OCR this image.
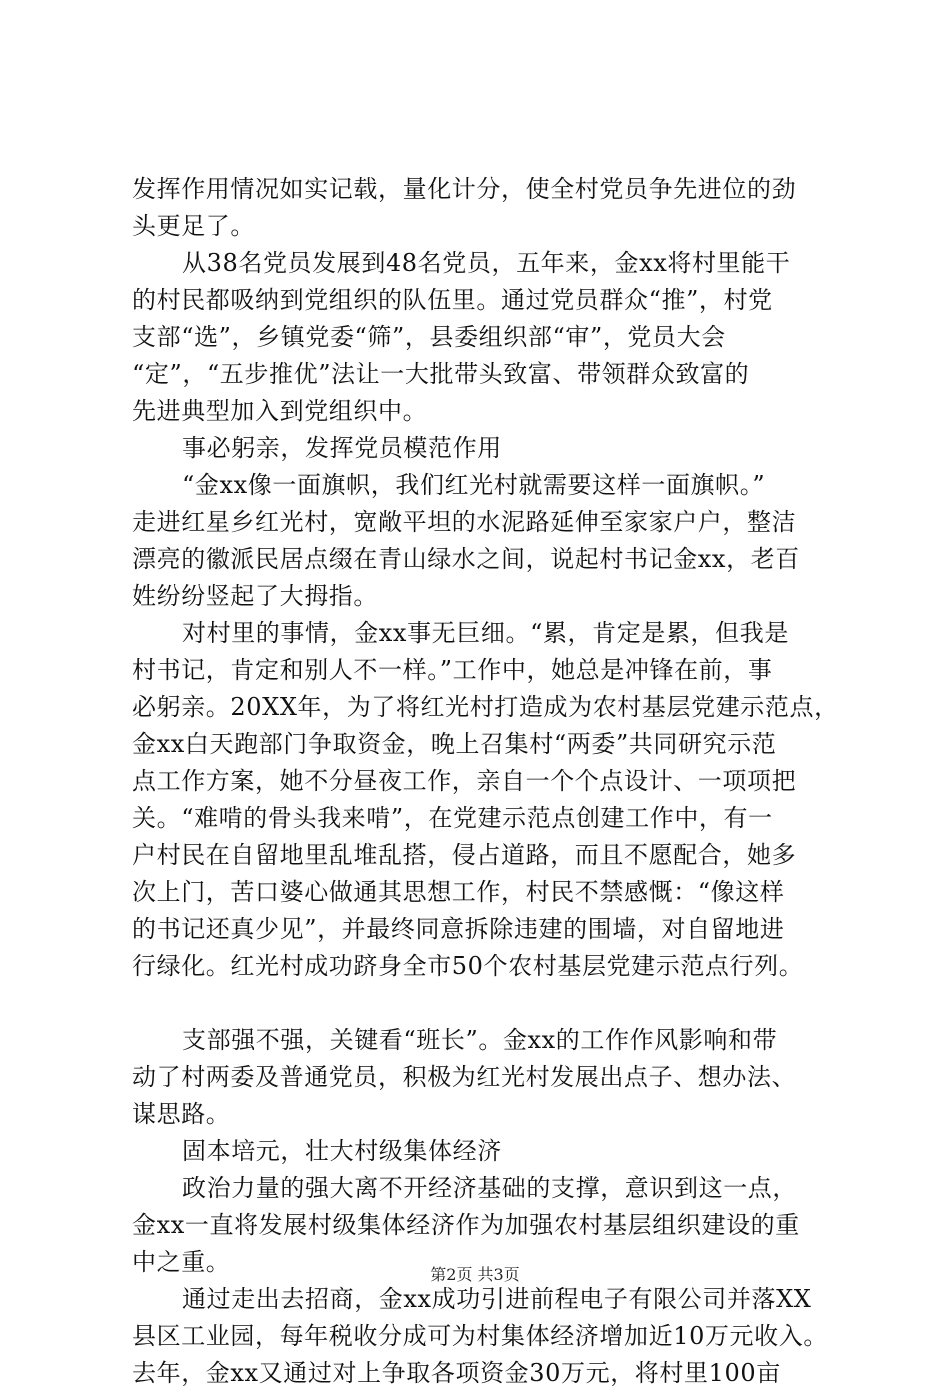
发挥作用情况如实记载，量化计分，使全村党员争先进位的劲
头更足了。
从38名党员发展到48名党员，五年来，金xx将村里能干
的村民都吸纳到党组织的队伍里。通过党员群众“推”，村党
支部“选”，乡镇党委“筛”，县委组织部“审”，党员大会
“定”，“五步推优”法让一大批带头致富、带领群众致富的
先进典型加入到党组织中。
事必躬亲，发挥党员模范作用
“金xx像一面旗帜，我们红光村就需要这样一面旗帜。”
走进红星乡红光村，宽敞平坦的水泥路延伸至家家户户，整洁
漂亮的徽派民居点缀在青山绿水之间，说起村书记金xx，老百
姓纷纷竖起了大拇指。
对村里的事情，金xx事无巨细。“累，肯定是累，但我是
村书记，肯定和别人不一样。”工作中，她总是冲锋在前，事
必躬亲。20XX年，为了将红光村打造成为农村基层党建示范点，
金xx白天跑部门争取资金，晚上召集村“两委”共同研究示范
点工作方案，她不分昼夜工作，亲自一个个点设计、一项项把
关。“难啃的骨头我来啃”，在党建示范点创建工作中，有一
户村民在自留地里乱堆乱搭，侵占道路，而且不愿配合，她多
次上门，苦口婆心做通其思想工作，村民不禁感慨：“像这样
的书记还真少见”，并最终同意拆除违建的围墙，对自留地进
行绿化。红光村成功跻身全市50个农村基层党建示范点行列。
支部强不强，关键看“班长”。金xx的工作作风影响和带
动了村两委及普通党员，积极为红光村发展出点子、想办法、
谋思路。
固本培元，壮大村级集体经济
政治力量的强大离不开经济基础的支撑，意识到这一点，
金xx一直将发展村级集体经济作为加强农村基层组织建设的重
中之重。
通过走出去招商，金xx成功引进前程电子有限公司并落XX
县区工业园，每年税收分成可为村集体经济增加近10万元收入。
去年，金xx又通过对上争取各项资金30万元，将村里100亩
第2页 共3页
